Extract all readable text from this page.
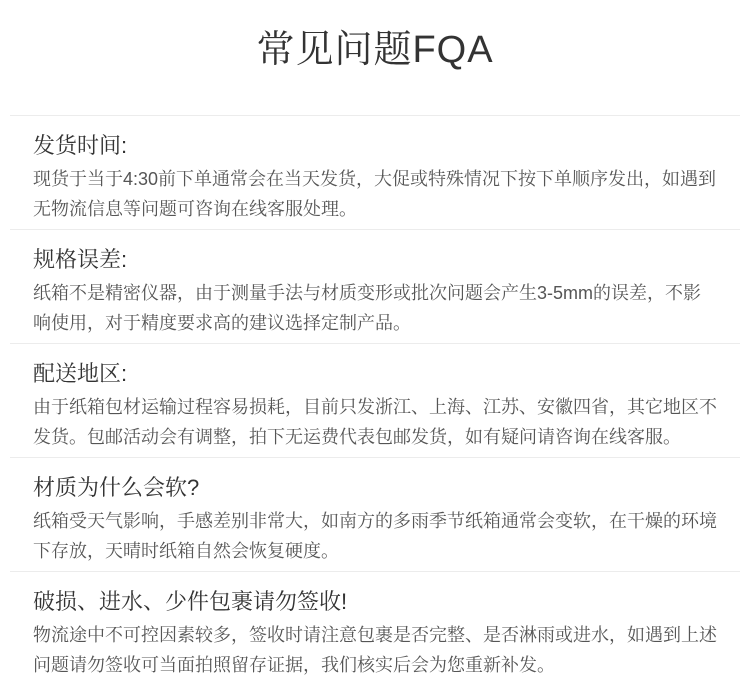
常见问题FQA
发货时间:
现货于当于4:30前下单通常会在当天发货，大促或特殊情况下按下单顺序发出，如遇到无物流信息等问题可咨询在线客服处理。
规格误差:
纸箱不是精密仪器，由于测量手法与材质变形或批次问题会产生3-5mm的误差，不影响使用，对于精度要求高的建议选择定制产品。
配送地区:
由于纸箱包材运输过程容易损耗，目前只发浙江、上海、江苏、安徽四省，其它地区不发货。包邮活动会有调整，拍下无运费代表包邮发货，如有疑问请咨询在线客服。
材质为什么会软?
纸箱受天气影响，手感差别非常大，如南方的多雨季节纸箱通常会变软，在干燥的环境下存放，天晴时纸箱自然会恢复硬度。
破损、进水、少件包裹请勿签收!
物流途中不可控因素较多，签收时请注意包裹是否完整、是否淋雨或进水，如遇到上述问题请勿签收可当面拍照留存证据，我们核实后会为您重新补发。
